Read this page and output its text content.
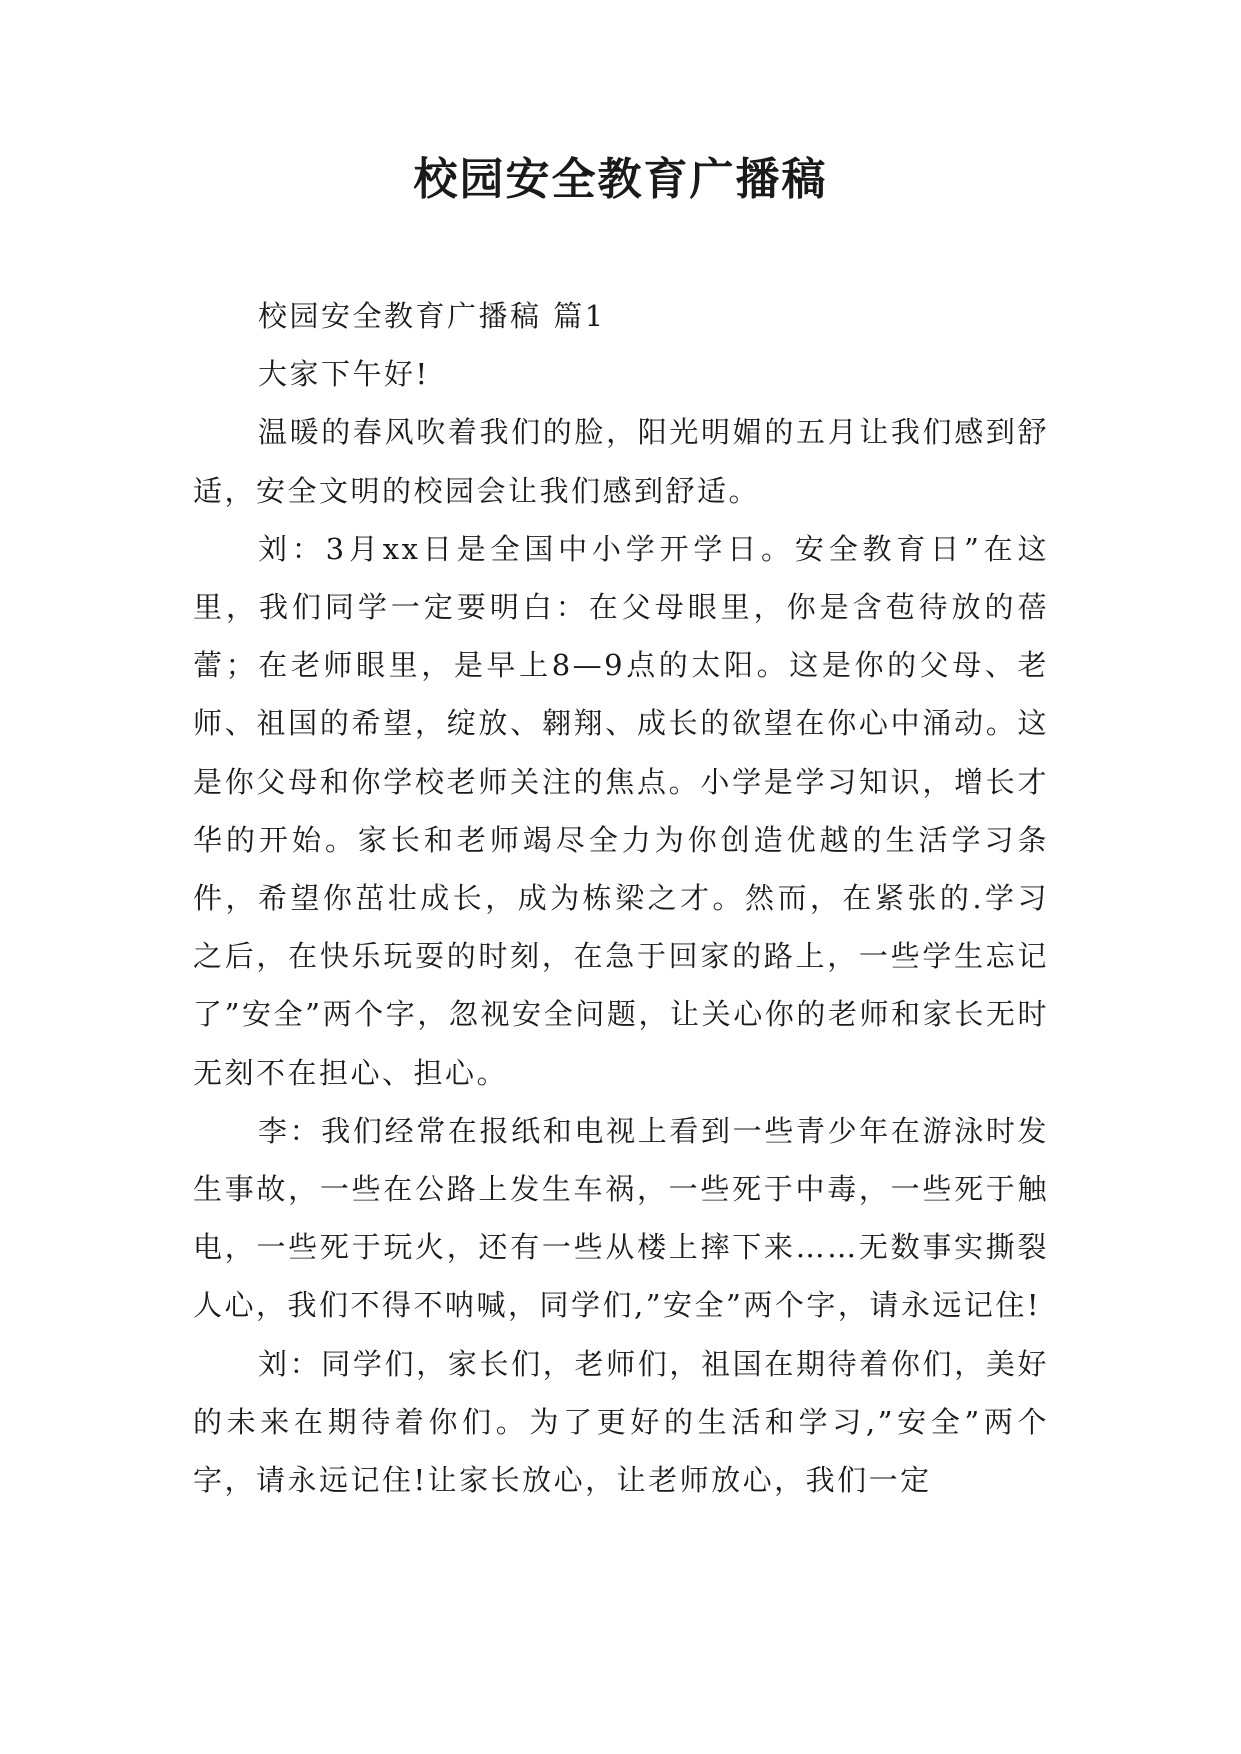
校园安全教育广播稿

校园安全教育广播稿 篇1

大家下午好!

温暖的春风吹着我们的脸，阳光明媚的五月让我们感到舒适，安全文明的校园会让我们感到舒适。

刘：3月xx日是全国中小学开学日。安全教育日”在这里，我们同学一定要明白：在父母眼里，你是含苞待放的蓓蕾；在老师眼里，是早上8—9点的太阳。这是你的父母、老师、祖国的希望，绽放、翱翔、成长的欲望在你心中涌动。这是你父母和你学校老师关注的焦点。小学是学习知识，增长才华的开始。家长和老师竭尽全力为你创造优越的生活学习条件，希望你茁壮成长，成为栋梁之才。然而，在紧张的.学习之后，在快乐玩耍的时刻，在急于回家的路上，一些学生忘记了”安全”两个字，忽视安全问题，让关心你的老师和家长无时无刻不在担心、担心。

李：我们经常在报纸和电视上看到一些青少年在游泳时发生事故，一些在公路上发生车祸，一些死于中毒，一些死于触电，一些死于玩火，还有一些从楼上摔下来……无数事实撕裂人心，我们不得不呐喊，同学们,”安全”两个字，请永远记住!

刘：同学们，家长们，老师们，祖国在期待着你们，美好的未来在期待着你们。为了更好的生活和学习,”安全”两个字，请永远记住!让家长放心，让老师放心，我们一定
